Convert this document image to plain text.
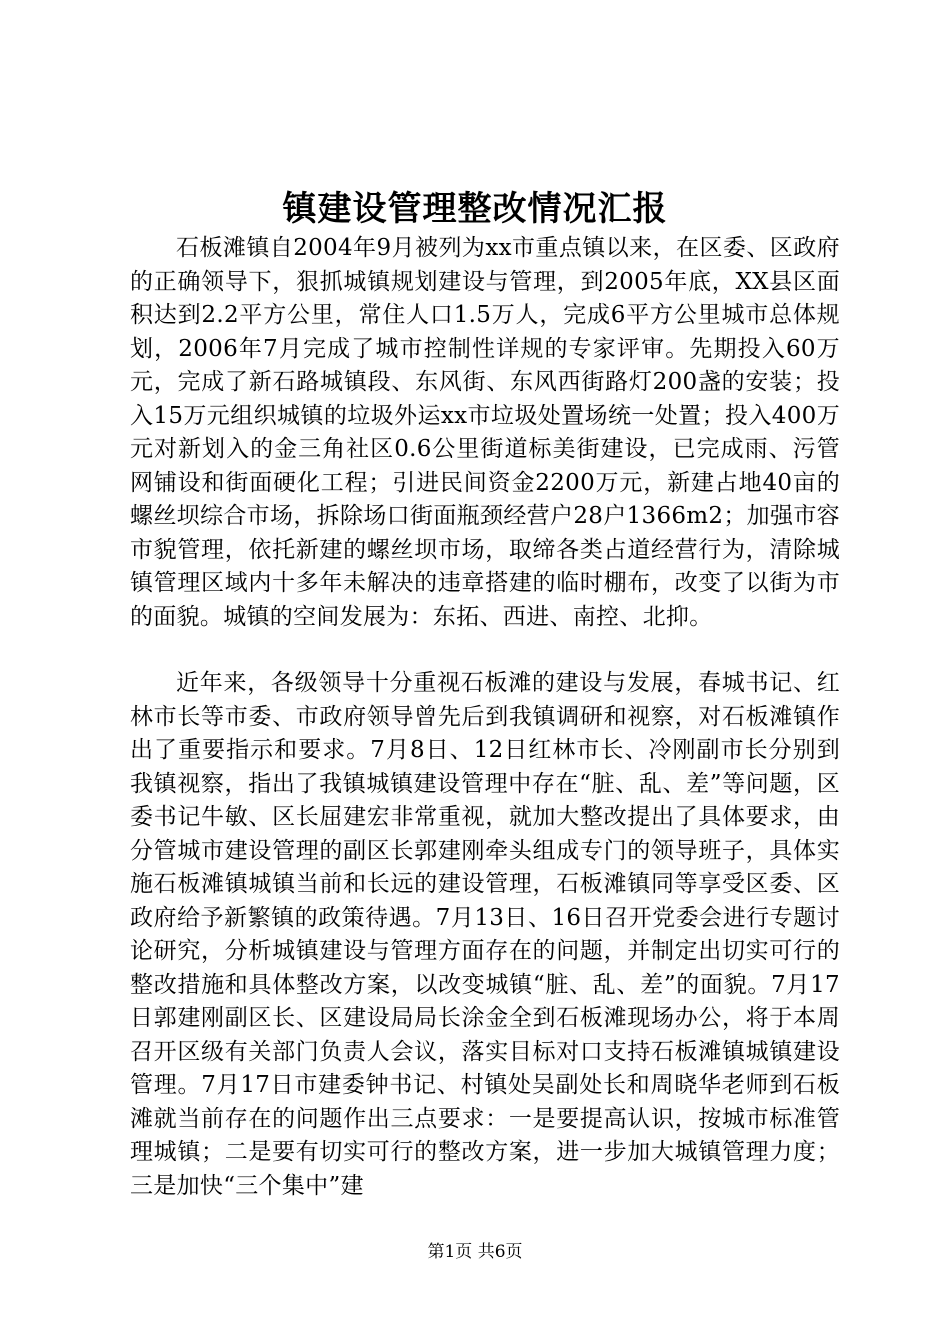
镇建设管理整改情况汇报

石板滩镇自2004年9月被列为xx市重点镇以来，在区委、区政府的正确领导下，狠抓城镇规划建设与管理，到2005年底，XX县区面积达到2.2平方公里，常住人口1.5万人，完成6平方公里城市总体规划，2006年7月完成了城市控制性详规的专家评审。先期投入60万元，完成了新石路城镇段、东风街、东风西街路灯200盏的安装；投入15万元组织城镇的垃圾外运xx市垃圾处置场统一处置；投入400万元对新划入的金三角社区0.6公里街道标美街建设，已完成雨、污管网铺设和街面硬化工程；引进民间资金2200万元，新建占地40亩的螺丝坝综合市场，拆除场口街面瓶颈经营户28户1366m2；加强市容市貌管理，依托新建的螺丝坝市场，取缔各类占道经营行为，清除城镇管理区域内十多年未解决的违章搭建的临时棚布，改变了以街为市的面貌。城镇的空间发展为：东拓、西进、南控、北抑。

近年来，各级领导十分重视石板滩的建设与发展，春城书记、红林市长等市委、市政府领导曾先后到我镇调研和视察，对石板滩镇作出了重要指示和要求。7月8日、12日红林市长、冷刚副市长分别到我镇视察，指出了我镇城镇建设管理中存在“脏、乱、差”等问题，区委书记牛敏、区长屈建宏非常重视，就加大整改提出了具体要求，由分管城市建设管理的副区长郭建刚牵头组成专门的领导班子，具体实施石板滩镇城镇当前和长远的建设管理，石板滩镇同等享受区委、区政府给予新繁镇的政策待遇。7月13日、16日召开党委会进行专题讨论研究，分析城镇建设与管理方面存在的问题，并制定出切实可行的整改措施和具体整改方案，以改变城镇“脏、乱、差”的面貌。7月17日郭建刚副区长、区建设局局长涂金全到石板滩现场办公，将于本周召开区级有关部门负责人会议，落实目标对口支持石板滩镇城镇建设管理。7月17日市建委钟书记、村镇处吴副处长和周晓华老师到石板滩就当前存在的问题作出三点要求：一是要提高认识，按城市标准管理城镇；二是要有切实可行的整改方案，进一步加大城镇管理力度；三是加快“三个集中”建

第1页 共6页
